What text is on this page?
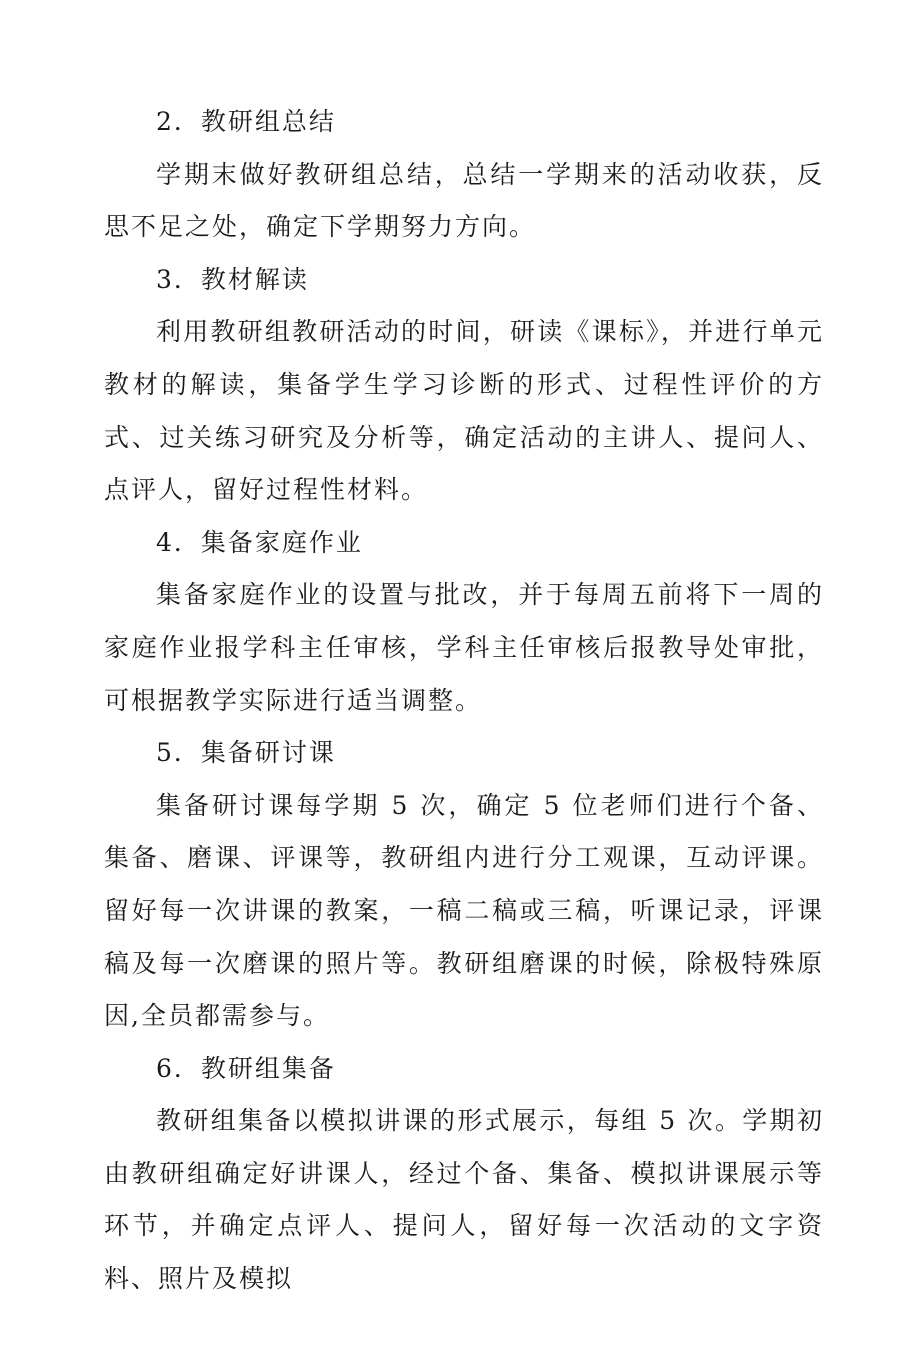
2．教研组总结

学期末做好教研组总结，总结一学期来的活动收获，反思不足之处，确定下学期努力方向。

3．教材解读

利用教研组教研活动的时间，研读《课标》，并进行单元教材的解读，集备学生学习诊断的形式、过程性评价的方式、过关练习研究及分析等，确定活动的主讲人、提问人、点评人，留好过程性材料。

4．集备家庭作业

集备家庭作业的设置与批改，并于每周五前将下一周的家庭作业报学科主任审核，学科主任审核后报教导处审批，可根据教学实际进行适当调整。

5．集备研讨课

集备研讨课每学期 5 次，确定 5 位老师们进行个备、集备、磨课、评课等，教研组内进行分工观课，互动评课。留好每一次讲课的教案，一稿二稿或三稿，听课记录，评课稿及每一次磨课的照片等。教研组磨课的时候，除极特殊原因,全员都需参与。

6．教研组集备

教研组集备以模拟讲课的形式展示，每组 5 次。学期初由教研组确定好讲课人，经过个备、集备、模拟讲课展示等环节，并确定点评人、提问人，留好每一次活动的文字资料、照片及模拟
